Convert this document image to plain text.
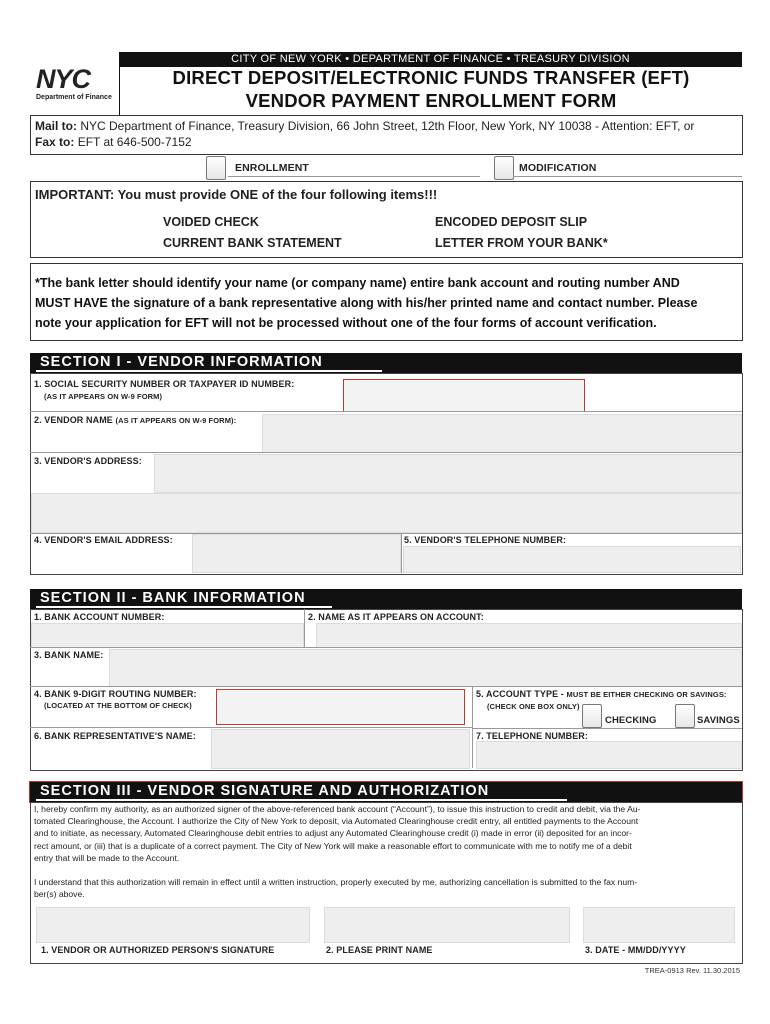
NYC
Department of Finance
CITY OF NEW YORK • DEPARTMENT OF FINANCE • TREASURY DIVISION
DIRECT DEPOSIT/ELECTRONIC FUNDS TRANSFER (EFT)
VENDOR PAYMENT ENROLLMENT FORM
Mail to: NYC Department of Finance, Treasury Division, 66 John Street, 12th Floor, New York, NY 10038 - Attention: EFT, or
Fax to: EFT at 646-500-7152
ENROLLMENT	MODIFICATION
IMPORTANT: You must provide ONE of the four following items!!!
VOIDED CHECK	ENCODED DEPOSIT SLIP
CURRENT BANK STATEMENT	LETTER FROM YOUR BANK*
*The bank letter should identify your name (or company name) entire bank account and routing number AND
MUST HAVE the signature of a bank representative along with his/her printed name and contact number. Please
note your application for EFT will not be processed without one of the four forms of account verification.
SECTION I - VENDOR INFORMATION
1. SOCIAL SECURITY NUMBER OR TAXPAYER ID NUMBER:
(AS IT APPEARS ON W-9 FORM)
2. VENDOR NAME (AS IT APPEARS ON W-9 FORM):
3. VENDOR'S ADDRESS:
4. VENDOR'S EMAIL ADDRESS:	5. VENDOR'S TELEPHONE NUMBER:
SECTION II - BANK INFORMATION
1. BANK ACCOUNT NUMBER:	2. NAME AS IT APPEARS ON ACCOUNT:
3. BANK NAME:
4. BANK 9-DIGIT ROUTING NUMBER:
(LOCATED AT THE BOTTOM OF CHECK)
5. ACCOUNT TYPE - MUST BE EITHER CHECKING OR SAVINGS:
(CHECK ONE BOX ONLY)
CHECKING	SAVINGS
6. BANK REPRESENTATIVE'S NAME:	7. TELEPHONE NUMBER:
SECTION III - VENDOR SIGNATURE AND AUTHORIZATION
I, hereby confirm my authority, as an authorized signer of the above-referenced bank account (“Account”), to issue this instruction to credit and debit, via the Au-
tomated Clearinghouse, the Account. I authorize the City of New York to deposit, via Automated Clearinghouse credit entry, all entitled payments to the Account
and to initiate, as necessary, Automated Clearinghouse debit entries to adjust any Automated Clearinghouse credit (i) made in error (ii) deposited for an incor-
rect amount, or (iii) that is a duplicate of a correct payment. The City of New York will make a reasonable effort to communicate with me to notify me of a debit
entry that will be made to the Account.
I understand that this authorization will remain in effect until a written instruction, properly executed by me, authorizing cancellation is submitted to the fax num-
ber(s) above.
1. VENDOR OR AUTHORIZED PERSON'S SIGNATURE	2. PLEASE PRINT NAME	3. DATE - MM/DD/YYYY
TREA-0913 Rev. 11.30.2015
